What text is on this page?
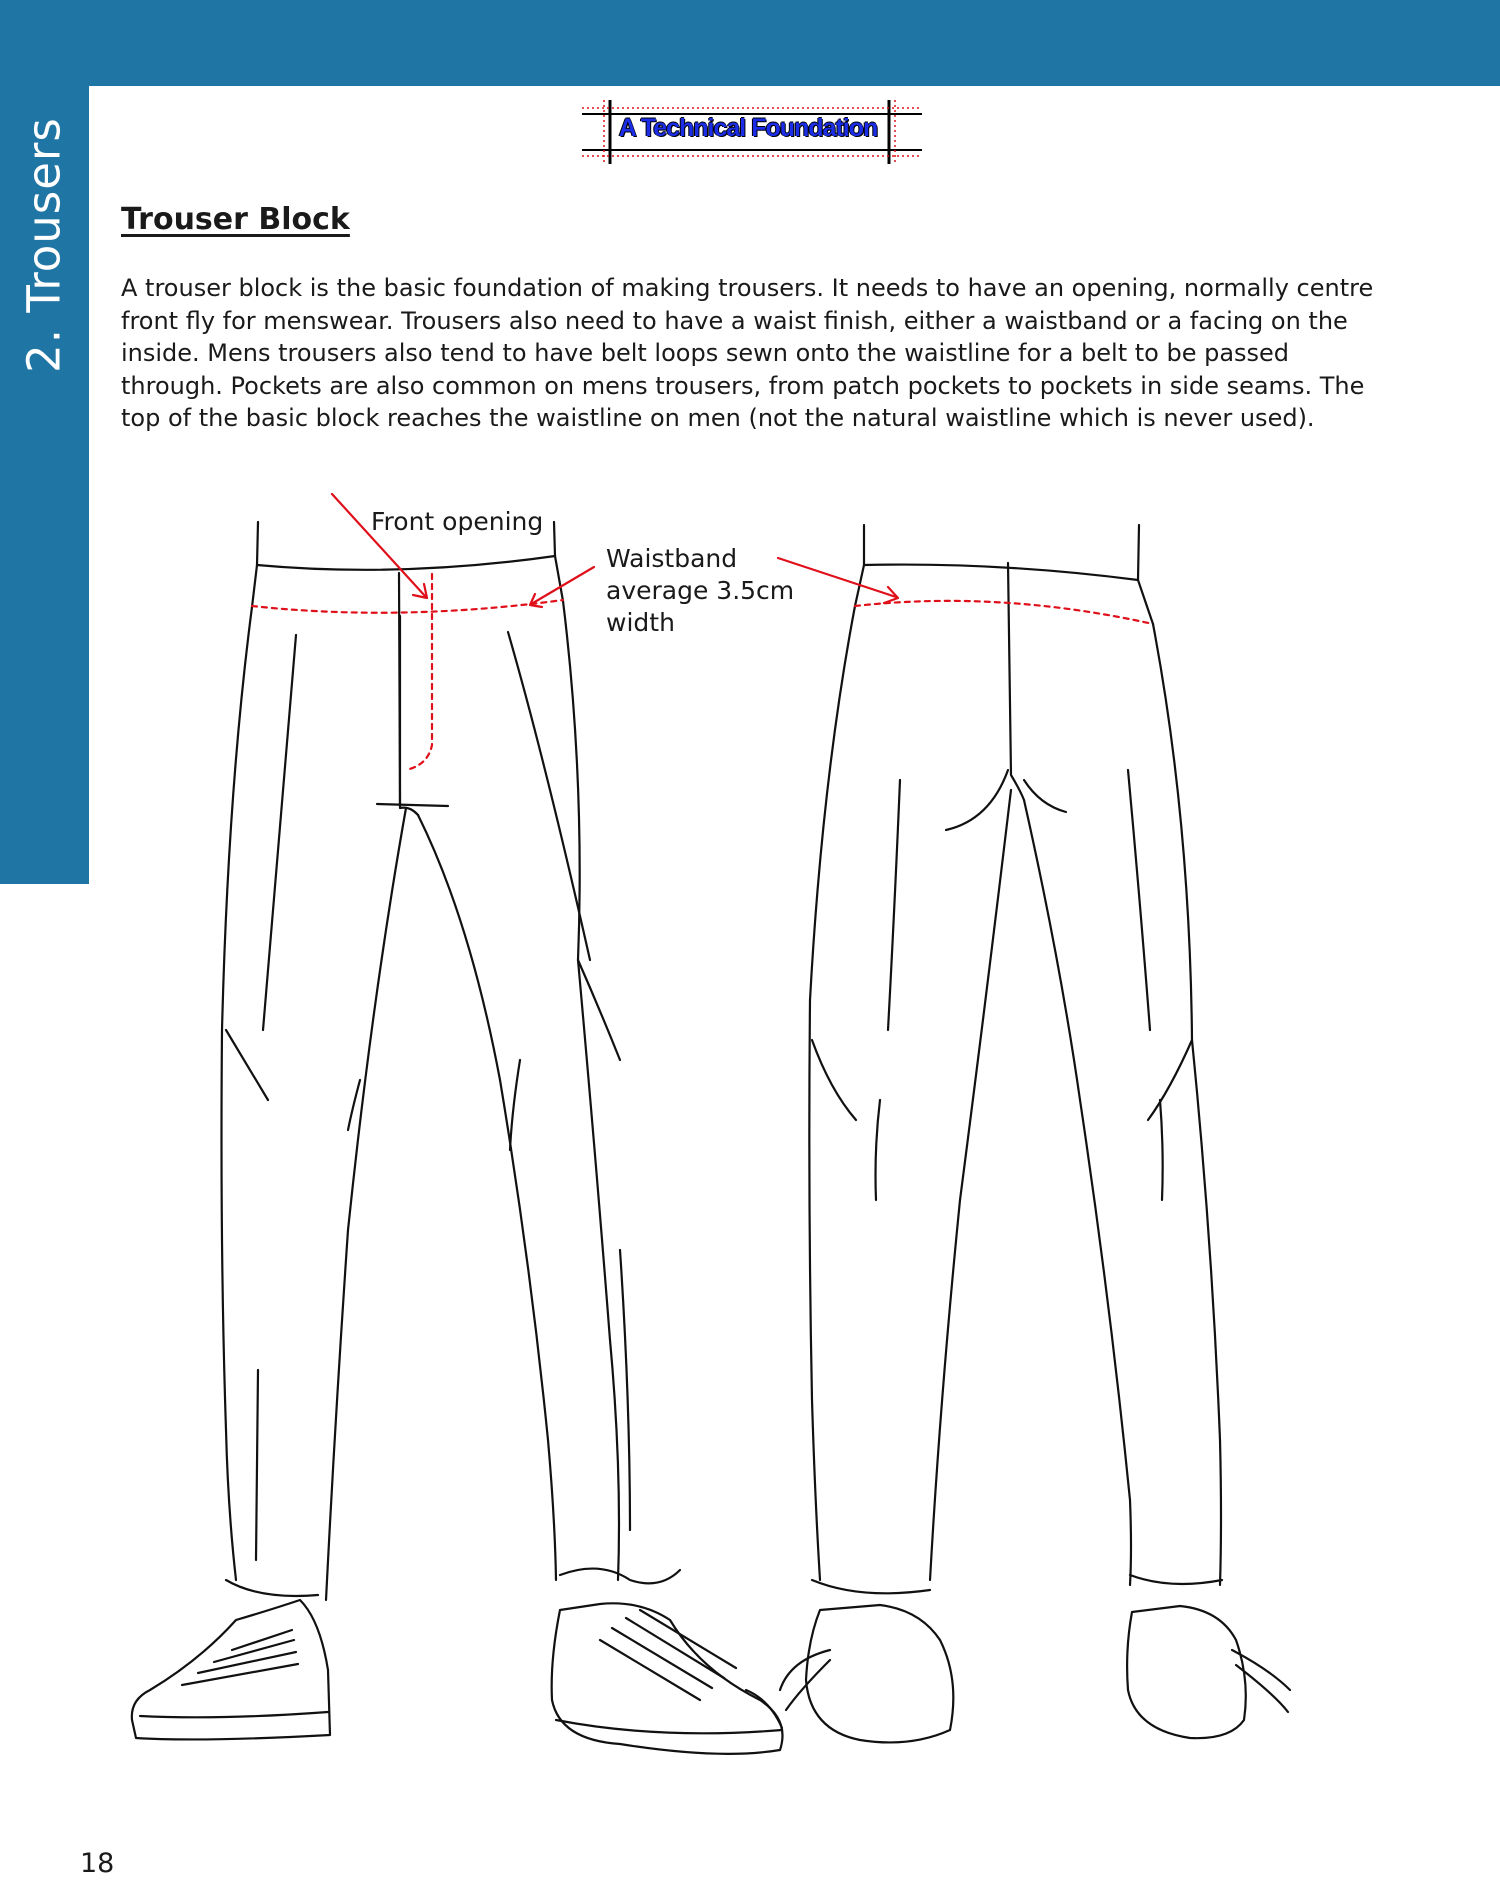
2. Trousers	A Technical Foundation
Trouser Block

A trouser block is the basic foundation of making trousers. It needs to have an opening, normally centre front fly for menswear. Trousers also need to have a waist finish, either a waistband or a facing on the inside. Mens trousers also tend to have belt loops sewn onto the waistline for a belt to be passed through. Pockets are also common on mens trousers, from patch pockets to pockets in side seams. The top of the basic block reaches the waistline on men (not the natural waistline which is never used).

Front opening

Waistband average 3.5cm width

18
